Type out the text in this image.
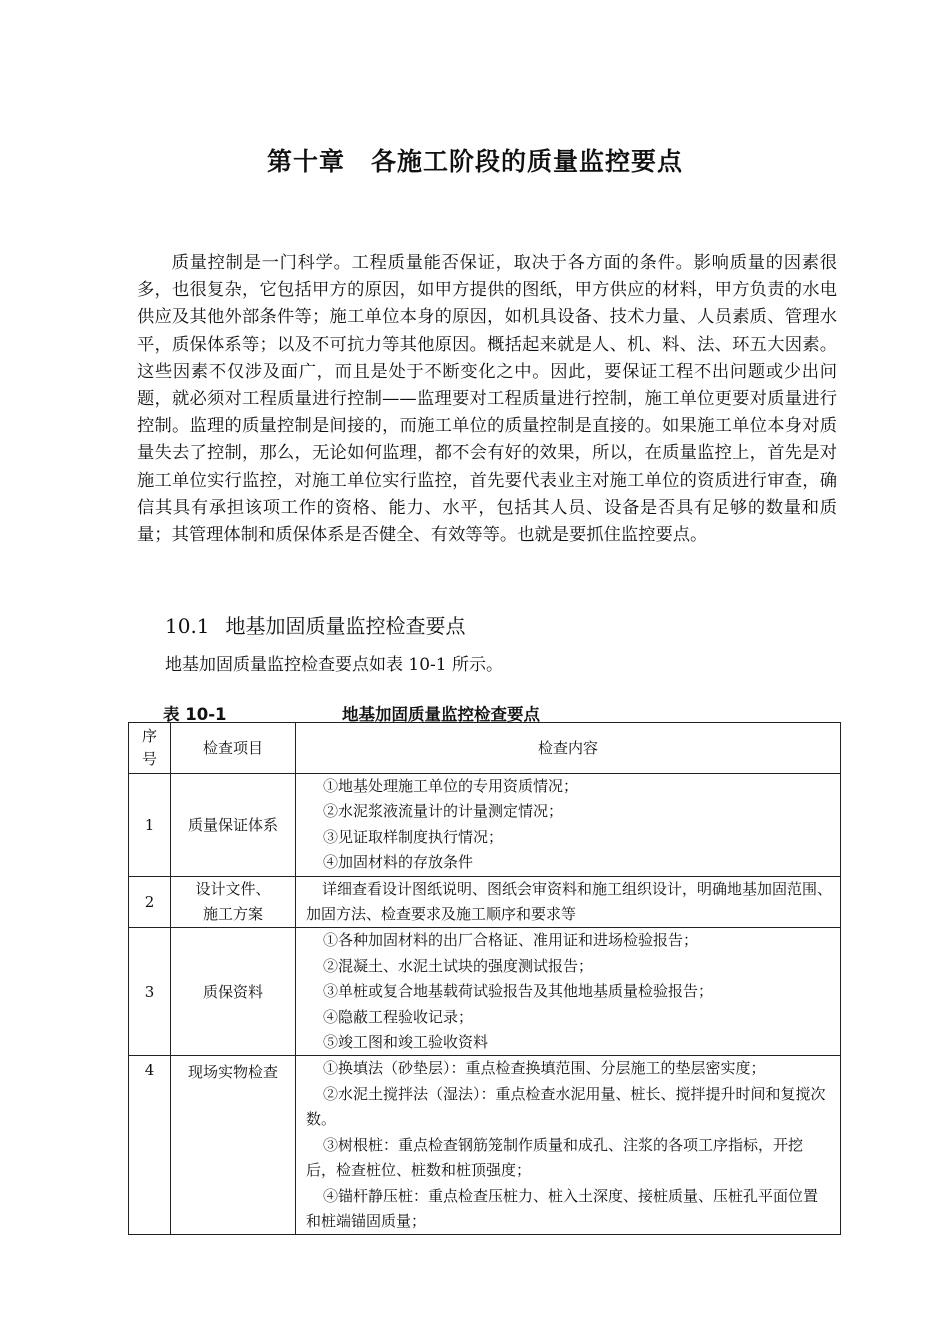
第十章　各施工阶段的质量监控要点

质量控制是一门科学。工程质量能否保证，取决于各方面的条件。影响质量的因素很多，也很复杂，它包括甲方的原因，如甲方提供的图纸，甲方供应的材料，甲方负责的水电供应及其他外部条件等；施工单位本身的原因，如机具设备、技术力量、人员素质、管理水平，质保体系等；以及不可抗力等其他原因。概括起来就是人、机、料、法、环五大因素。这些因素不仅涉及面广，而且是处于不断变化之中。因此，要保证工程不出问题或少出问题，就必须对工程质量进行控制——监理要对工程质量进行控制，施工单位更要对质量进行控制。监理的质量控制是间接的，而施工单位的质量控制是直接的。如果施工单位本身对质量失去了控制，那么，无论如何监理，都不会有好的效果，所以，在质量监控上，首先是对施工单位实行监控，对施工单位实行监控，首先要代表业主对施工单位的资质进行审查，确信其具有承担该项工作的资格、能力、水平，包括其人员、设备是否具有足够的数量和质量；其管理体制和质保体系是否健全、有效等等。也就是要抓住监控要点。

10.1 地基加固质量监控检查要点
地基加固质量监控检查要点如表 10-1 所示。
表 10-1	地基加固质量监控检查要点
序
号	检查项目	检查内容
1	质量保证体系	①地基处理施工单位的专用资质情况；
②水泥浆液流量计的计量测定情况；
③见证取样制度执行情况；
④加固材料的存放条件

2	设计文件、
施工方案	详细查看设计图纸说明、图纸会审资料和施工组织设计，明确地基加固范围、加固方法、检查要求及施工顺序和要求等

3	质保资料	①各种加固材料的出厂合格证、准用证和进场检验报告；
②混凝土、水泥土试块的强度测试报告；
③单桩或复合地基载荷试验报告及其他地基质量检验报告；
④隐蔽工程验收记录；
⑤竣工图和竣工验收资料

4	现场实物检查	①换填法（砂垫层）：重点检查换填范围、分层施工的垫层密实度；
②水泥土搅拌法（湿法）：重点检查水泥用量、桩长、搅拌提升时间和复搅次数。
③树根桩：重点检查钢筋笼制作质量和成孔、注浆的各项工序指标，开挖后，检查桩位、桩数和桩顶强度；
④锚杆静压桩：重点检查压桩力、桩入土深度、接桩质量、压桩孔平面位置和桩端锚固质量；
